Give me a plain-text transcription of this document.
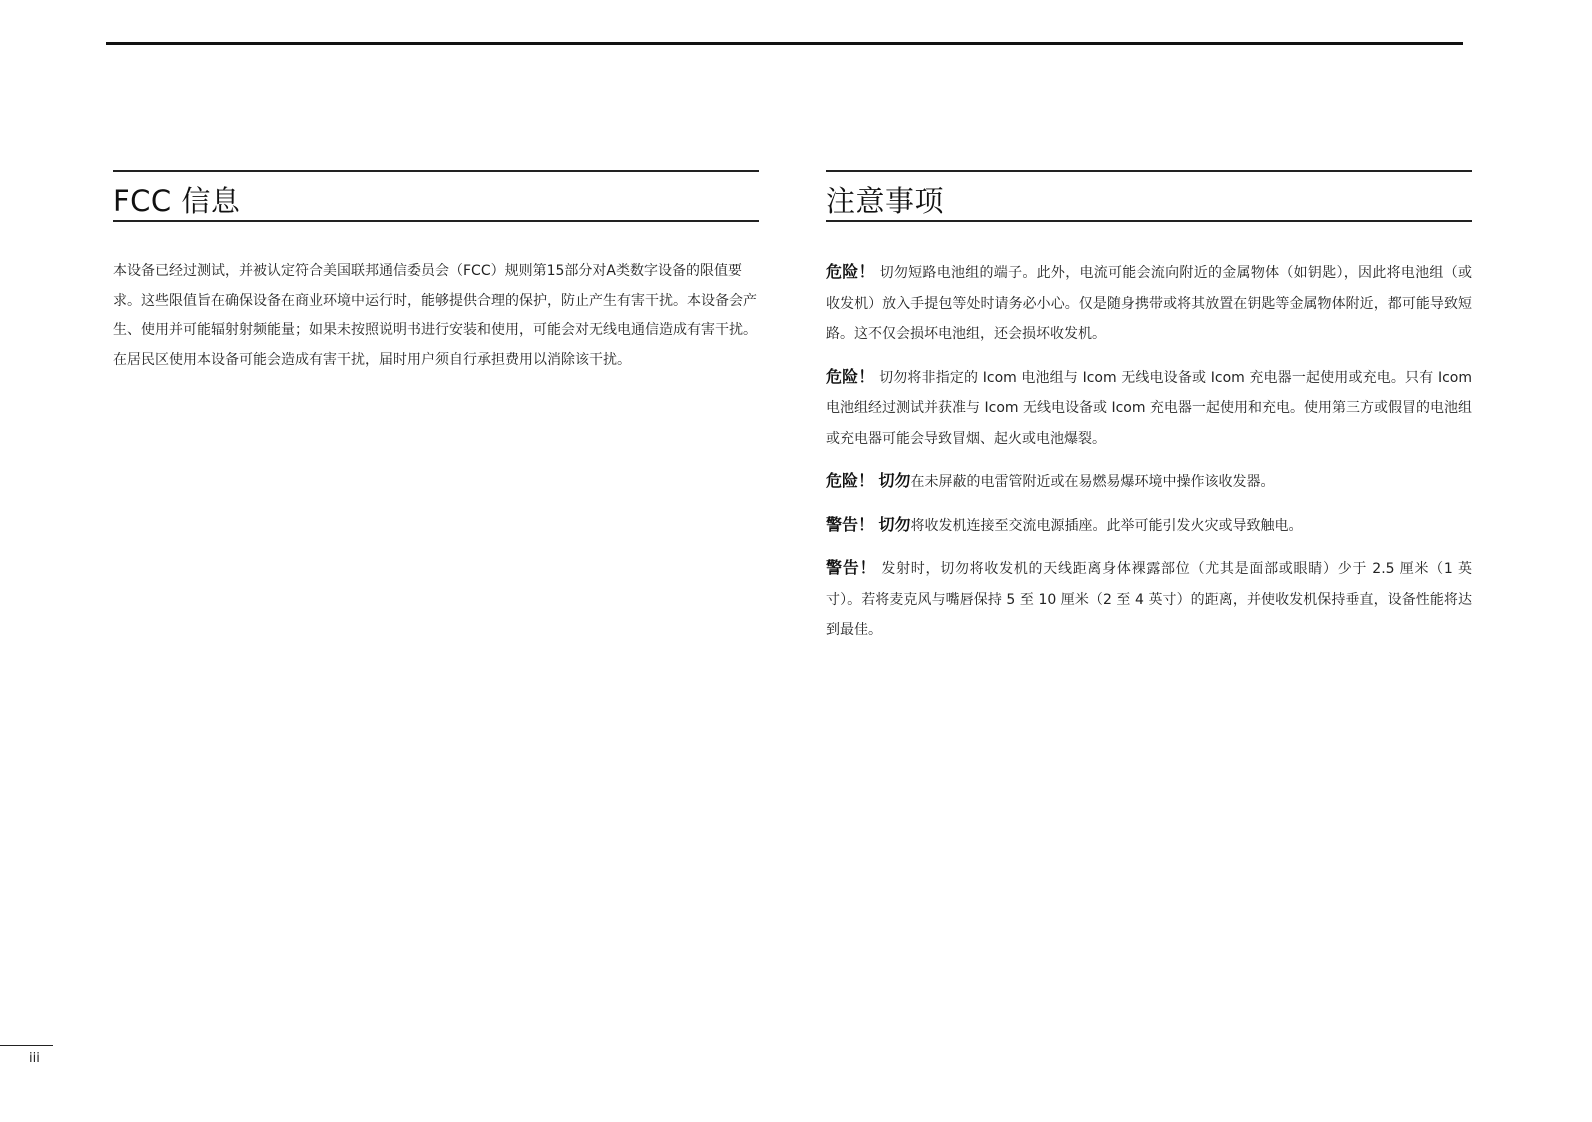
FCC 信息

本设备已经过测试，并被认定符合美国联邦通信委员会（FCC）规则第15部分对A类数字设备的限值要求。这些限值旨在确保设备在商业环境中运行时，能够提供合理的保护，防止产生有害干扰。本设备会产生、使用并可能辐射射频能量；如果未按照说明书进行安装和使用，可能会对无线电通信造成有害干扰。

在居民区使用本设备可能会造成有害干扰，届时用户须自行承担费用以消除该干扰。

注意事项

危险！ 切勿短路电池组的端子。此外，电流可能会流向附近的金属物体（如钥匙），因此将电池组（或收发机）放入手提包等处时请务必小心。仅是随身携带或将其放置在钥匙等金属物体附近，都可能导致短路。这不仅会损坏电池组，还会损坏收发机。

危险！ 切勿将非指定的 Icom 电池组与 Icom 无线电设备或 Icom 充电器一起使用或充电。只有 Icom 电池组经过测试并获准与 Icom 无线电设备或 Icom 充电器一起使用和充电。使用第三方或假冒的电池组或充电器可能会导致冒烟、起火或电池爆裂。

危险！ 切勿在未屏蔽的电雷管附近或在易燃易爆环境中操作该收发器。

警告！ 切勿将收发机连接至交流电源插座。此举可能引发火灾或导致触电。

警告！ 发射时，切勿将收发机的天线距离身体裸露部位（尤其是面部或眼睛）少于 2.5 厘米（1 英寸）。若将麦克风与嘴唇保持 5 至 10 厘米（2 至 4 英寸）的距离，并使收发机保持垂直，设备性能将达到最佳。

iii
